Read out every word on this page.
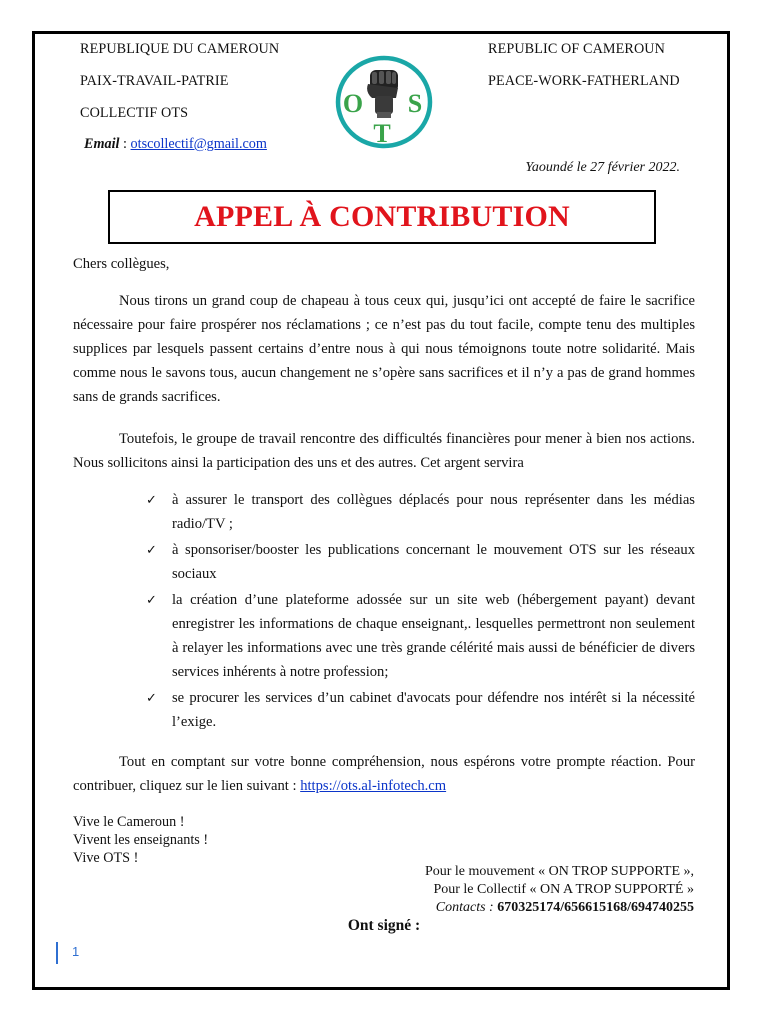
REPUBLIQUE DU CAMEROUN
PAIX-TRAVAIL-PATRIE
COLLECTIF OTS
Email : otscollectif@gmail.com
REPUBLIC OF CAMEROUN
PEACE-WORK-FATHERLAND
O
T
S
Yaoundé le 27 février 2022.
APPEL À CONTRIBUTION
Chers collègues,
Nous tirons un grand coup de chapeau à tous ceux qui, jusqu’ici ont accepté de faire le sacrifice nécessaire pour faire prospérer nos réclamations ; ce n’est pas du tout facile, compte tenu des multiples supplices par lesquels passent certains d’entre nous à qui nous témoignons toute notre solidarité. Mais comme nous le savons tous, aucun changement ne s’opère sans sacrifices et il n’y a pas de grand hommes sans de grands sacrifices.
Toutefois, le groupe de travail rencontre des difficultés financières pour mener à bien nos actions. Nous sollicitons ainsi la participation des uns et des autres. Cet argent servira
✓ à assurer le transport des collègues déplacés pour nous représenter dans les médias radio/TV ;
✓ à sponsoriser/booster les publications concernant le mouvement OTS sur les réseaux sociaux
✓ la création d’une plateforme adossée sur un site web (hébergement payant) devant enregistrer les informations de chaque enseignant,. lesquelles permettront non seulement à relayer les informations avec une très grande célérité mais aussi de bénéficier de divers services inhérents à notre profession;
✓ se procurer les services d’un cabinet d'avocats pour défendre nos intérêt si la nécessité l’exige.
Tout en comptant sur votre bonne compréhension, nous espérons votre prompte réaction. Pour contribuer, cliquez sur le lien suivant : https://ots.al-infotech.cm
Vive le Cameroun !
Vivent les enseignants !
Vive OTS !
Pour le mouvement « ON TROP SUPPORTE »,
Pour le Collectif « ON A TROP SUPPORTÉ »
Contacts : 670325174/656615168/694740255
Ont signé :
1
